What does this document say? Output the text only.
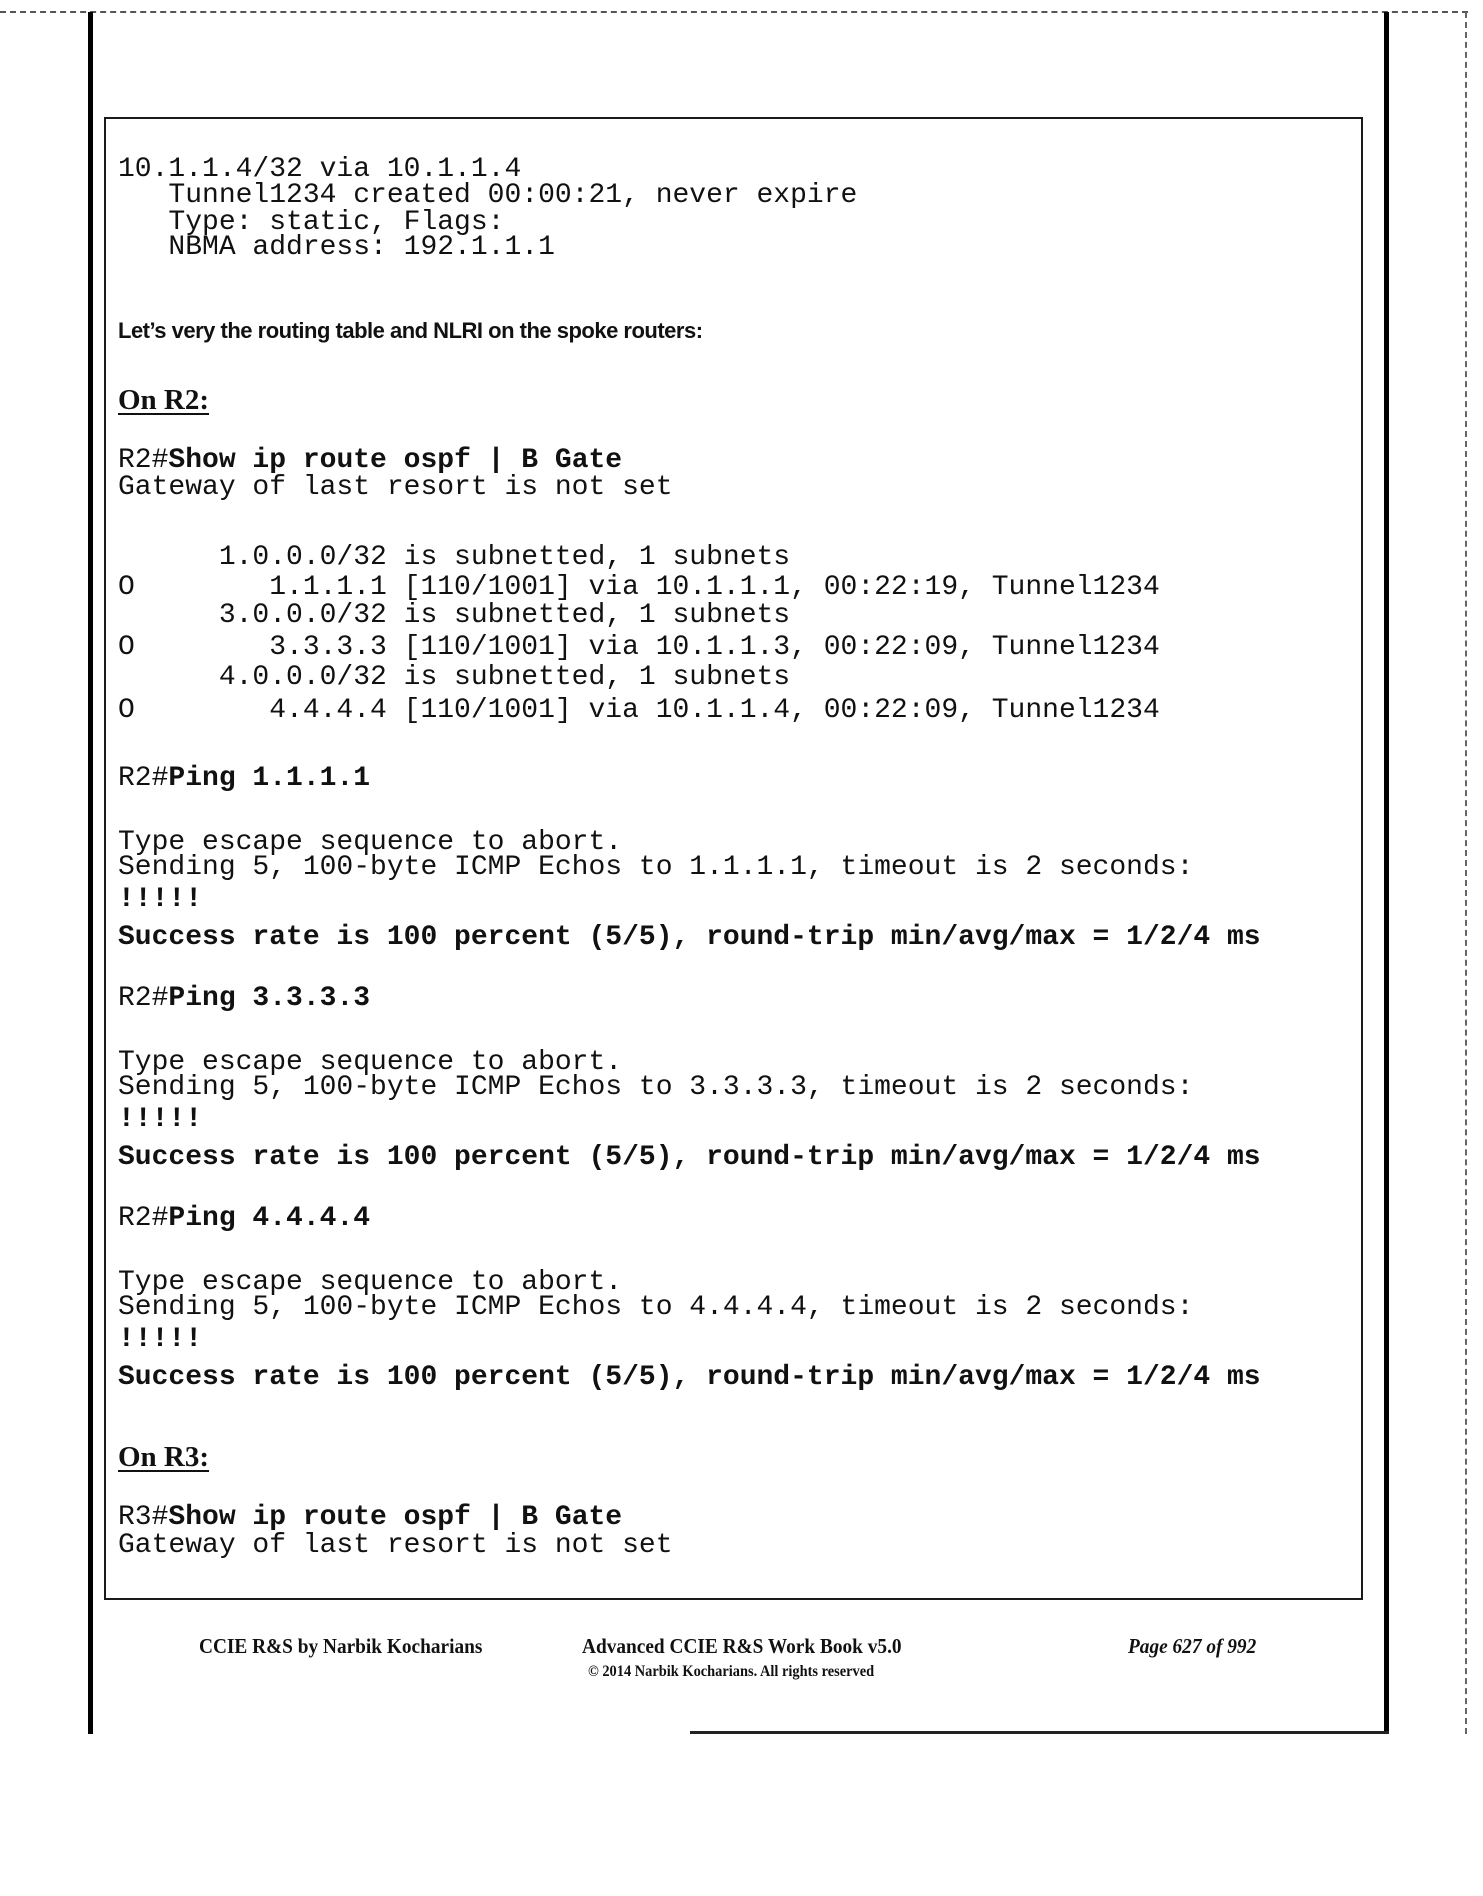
10.1.1.4/32 via 10.1.1.4
Tunnel1234 created 00:00:21, never expire
Type: static, Flags:
NBMA address: 192.1.1.1
Let’s very the routing table and NLRI on the spoke routers:
On R2:
R2#Show ip route ospf | B Gate
Gateway of last resort is not set
1.0.0.0/32 is subnetted, 1 subnets
O        1.1.1.1 [110/1001] via 10.1.1.1, 00:22:19, Tunnel1234
3.0.0.0/32 is subnetted, 1 subnets
O        3.3.3.3 [110/1001] via 10.1.1.3, 00:22:09, Tunnel1234
4.0.0.0/32 is subnetted, 1 subnets
O        4.4.4.4 [110/1001] via 10.1.1.4, 00:22:09, Tunnel1234
R2#Ping 1.1.1.1
Type escape sequence to abort.
Sending 5, 100-byte ICMP Echos to 1.1.1.1, timeout is 2 seconds:
!!!!!
Success rate is 100 percent (5/5), round-trip min/avg/max = 1/2/4 ms
R2#Ping 3.3.3.3
Type escape sequence to abort.
Sending 5, 100-byte ICMP Echos to 3.3.3.3, timeout is 2 seconds:
!!!!!
Success rate is 100 percent (5/5), round-trip min/avg/max = 1/2/4 ms
R2#Ping 4.4.4.4
Type escape sequence to abort.
Sending 5, 100-byte ICMP Echos to 4.4.4.4, timeout is 2 seconds:
!!!!!
Success rate is 100 percent (5/5), round-trip min/avg/max = 1/2/4 ms
On R3:
R3#Show ip route ospf | B Gate
Gateway of last resort is not set
CCIE R&S by Narbik Kocharians	Advanced CCIE R&S Work Book v5.0
© 2014 Narbik Kocharians. All rights reserved
Page 627 of 992
